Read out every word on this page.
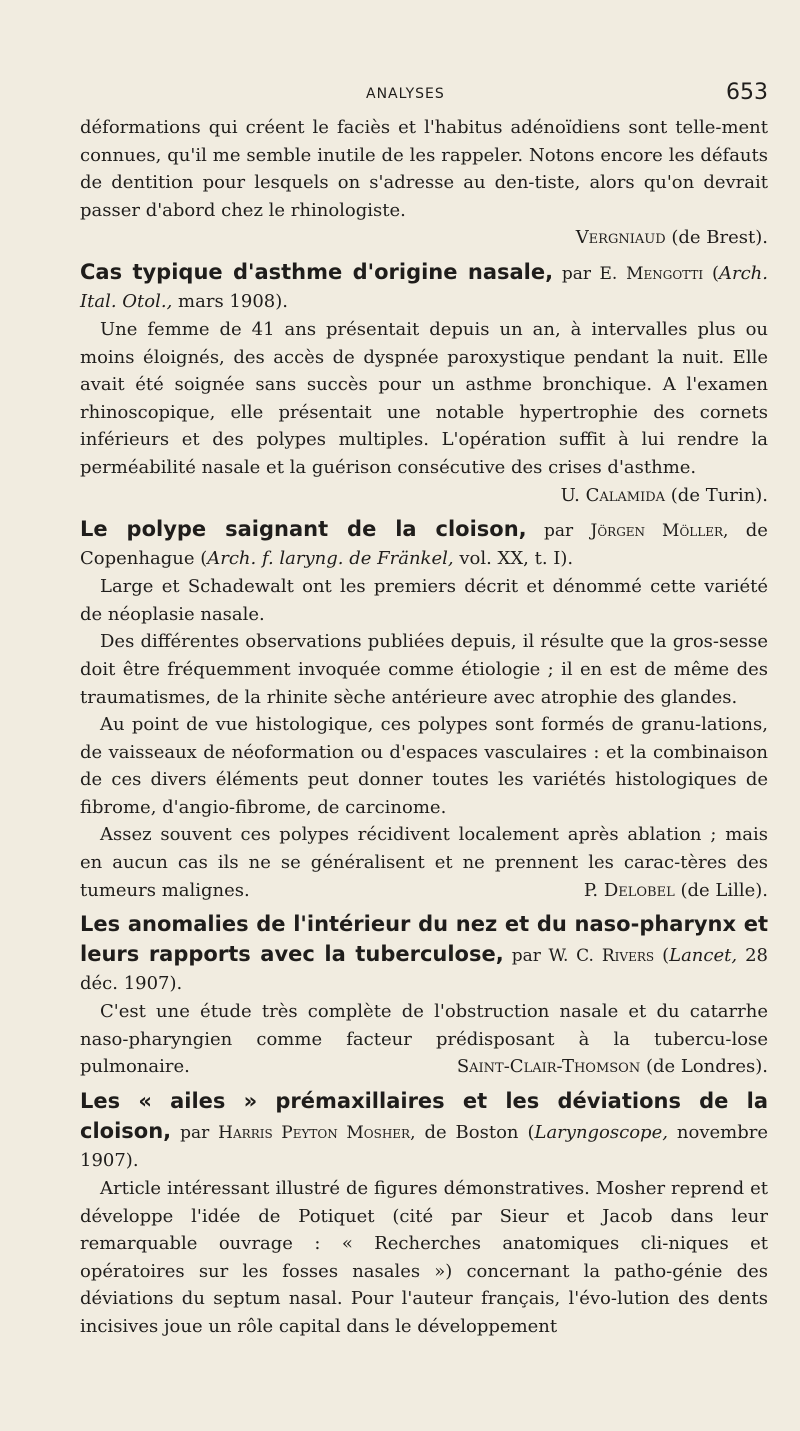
ANALYSES	653

déformations qui créent le faciès et l'habitus adénoïdiens sont telle-ment connues, qu'il me semble inutile de les rappeler. Notons encore les défauts de dentition pour lesquels on s'adresse au den-tiste, alors qu'on devrait passer d'abord chez le rhinologiste.

Vergniaud (de Brest).

Cas typique d'asthme d'origine nasale, par E. Mengotti (Arch. Ital. Otol., mars 1908).

Une femme de 41 ans présentait depuis un an, à intervalles plus ou moins éloignés, des accès de dyspnée paroxystique pendant la nuit. Elle avait été soignée sans succès pour un asthme bronchique. A l'examen rhinoscopique, elle présentait une notable hypertrophie des cornets inférieurs et des polypes multiples. L'opération suffit à lui rendre la perméabilité nasale et la guérison consécutive des crises d'asthme.
U. Calamida (de Turin).

Le polype saignant de la cloison, par Jörgen Möller, de Copenhague (Arch. f. laryng. de Fränkel, vol. XX, t. I).

Large et Schadewalt ont les premiers décrit et dénommé cette variété de néoplasie nasale.

Des différentes observations publiées depuis, il résulte que la gros-sesse doit être fréquemment invoquée comme étiologie ; il en est de même des traumatismes, de la rhinite sèche antérieure avec atrophie des glandes.

Au point de vue histologique, ces polypes sont formés de granu-lations, de vaisseaux de néoformation ou d'espaces vasculaires : et la combinaison de ces divers éléments peut donner toutes les variétés histologiques de fibrome, d'angio-fibrome, de carcinome.

Assez souvent ces polypes récidivent localement après ablation ; mais en aucun cas ils ne se généralisent et ne prennent les carac-tères des tumeurs malignes.	P. Delobel (de Lille).

Les anomalies de l'intérieur du nez et du naso-pharynx et leurs rapports avec la tuberculose, par W. C. Rivers (Lancet, 28 déc. 1907).

C'est une étude très complète de l'obstruction nasale et du catarrhe naso-pharyngien comme facteur prédisposant à la tubercu-lose pulmonaire.	Saint-Clair-Thomson (de Londres).

Les « ailes » prémaxillaires et les déviations de la cloison, par Harris Peyton Mosher, de Boston (Laryngoscope, novembre 1907).

Article intéressant illustré de figures démonstratives. Mosher reprend et développe l'idée de Potiquet (cité par Sieur et Jacob dans leur remarquable ouvrage : « Recherches anatomiques cli-niques et opératoires sur les fosses nasales ») concernant la patho-génie des déviations du septum nasal. Pour l'auteur français, l'évo-lution des dents incisives joue un rôle capital dans le développement
